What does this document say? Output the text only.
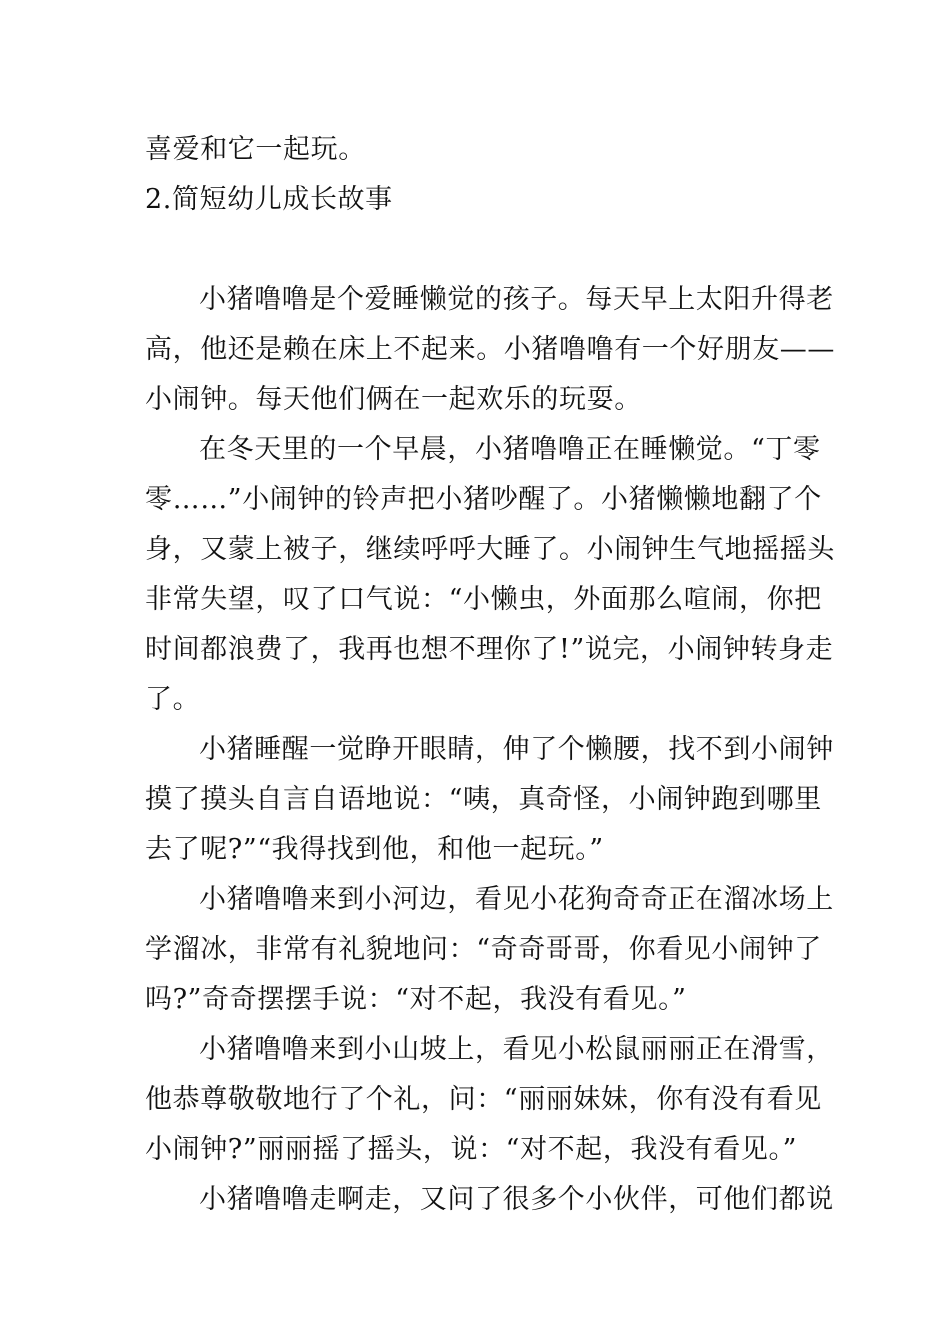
喜爱和它一起玩。
2.简短幼儿成长故事
小猪噜噜是个爱睡懒觉的孩子。每天早上太阳升得老
高，他还是赖在床上不起来。小猪噜噜有一个好朋友——
小闹钟。每天他们俩在一起欢乐的玩耍。
在冬天里的一个早晨，小猪噜噜正在睡懒觉。“丁零
零……”小闹钟的铃声把小猪吵醒了。小猪懒懒地翻了个
身，又蒙上被子，继续呼呼大睡了。小闹钟生气地摇摇头
非常失望，叹了口气说：“小懒虫，外面那么喧闹，你把
时间都浪费了，我再也想不理你了!”说完，小闹钟转身走
了。
小猪睡醒一觉睁开眼睛，伸了个懒腰，找不到小闹钟
摸了摸头自言自语地说：“咦，真奇怪，小闹钟跑到哪里
去了呢?”“我得找到他，和他一起玩。”
小猪噜噜来到小河边，看见小花狗奇奇正在溜冰场上
学溜冰，非常有礼貌地问：“奇奇哥哥，你看见小闹钟了
吗?”奇奇摆摆手说：“对不起，我没有看见。”
小猪噜噜来到小山坡上，看见小松鼠丽丽正在滑雪，
他恭尊敬敬地行了个礼，问：“丽丽妹妹，你有没有看见
小闹钟?”丽丽摇了摇头，说：“对不起，我没有看见。”
小猪噜噜走啊走，又问了很多个小伙伴，可他们都说
